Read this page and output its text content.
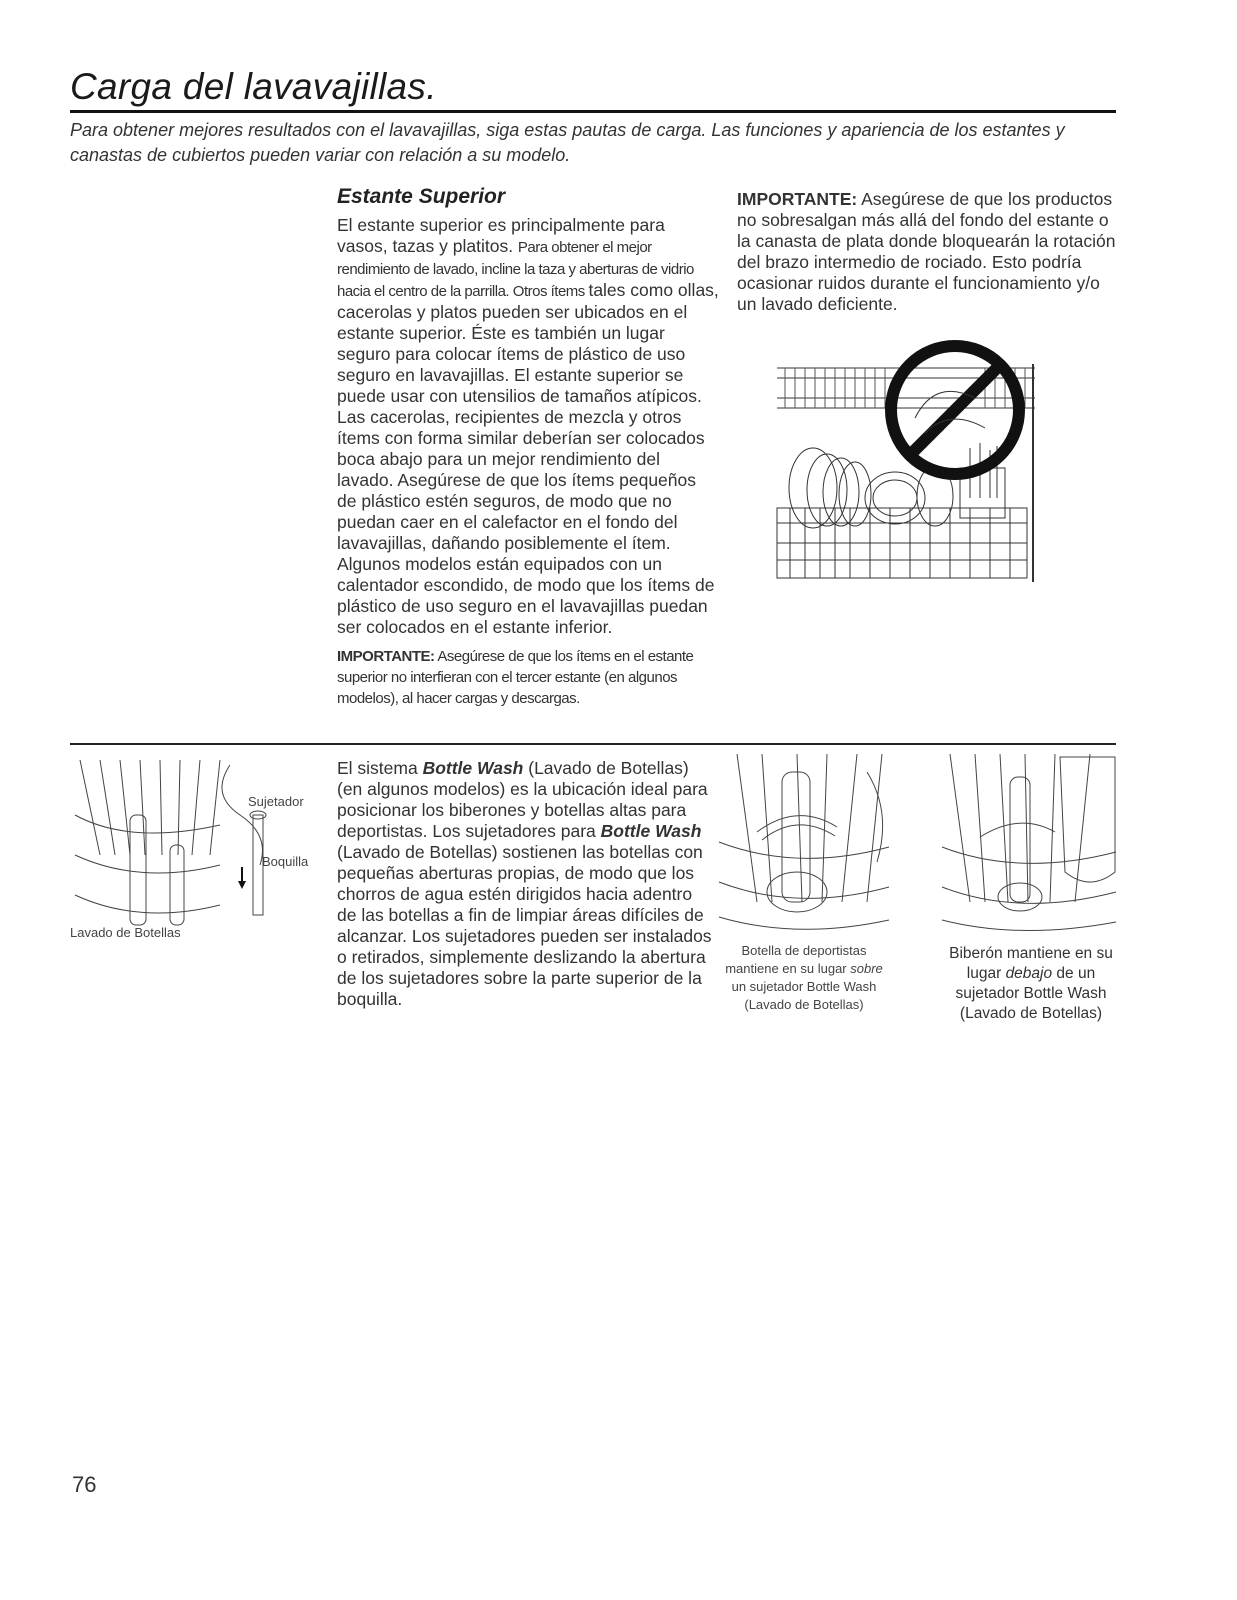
Carga del lavavajillas.
Para obtener mejores resultados con el lavavajillas, siga estas pautas de carga. Las funciones y apariencia de los estantes y canastas de cubiertos pueden variar con relación a su modelo.
Estante Superior

El estante superior es principalmente para vasos, tazas y platitos. Para obtener el mejor rendimiento de lavado, incline la taza y aberturas de vidrio hacia el centro de la parrilla. Otros ítems tales como ollas, cacerolas y platos pueden ser ubicados en el estante superior. Éste es también un lugar seguro para colocar ítems de plástico de uso seguro en lavavajillas. El estante superior se puede usar con utensilios de tamaños atípicos. Las cacerolas, recipientes de mezcla y otros ítems con forma similar deberían ser colocados boca abajo para un mejor rendimiento del lavado. Asegúrese de que los ítems pequeños de plástico estén seguros, de modo que no puedan caer en el calefactor en el fondo del lavavajillas, dañando posiblemente el ítem. Algunos modelos están equipados con un calentador escondido, de modo que los ítems de plástico de uso seguro en el lavavajillas puedan ser colocados en el estante inferior.

IMPORTANTE: Asegúrese de que los ítems en el estante superior no interfieran con el tercer estante (en algunos modelos), al hacer cargas y descargas.

IMPORTANTE: Asegúrese de que los productos no sobresalgan más allá del fondo del estante o la canasta de plata donde bloquearán la rotación del brazo intermedio de rociado. Esto podría ocasionar ruidos durante el funcionamiento y/o un lavado deficiente.

Sujetador
Boquilla
Lavado de Botellas

El sistema Bottle Wash (Lavado de Botellas) (en algunos modelos) es la ubicación ideal para posicionar los biberones y botellas altas para deportistas. Los sujetadores para Bottle Wash (Lavado de Botellas) sostienen las botellas con pequeñas aberturas propias, de modo que los chorros de agua estén dirigidos hacia adentro de las botellas a fin de limpiar áreas difíciles de alcanzar. Los sujetadores pueden ser instalados o retirados, simplemente deslizando la abertura de los sujetadores sobre la parte superior de la boquilla.

Botella de deportistas mantiene en su lugar sobre un sujetador Bottle Wash (Lavado de Botellas)
Biberón mantiene en su lugar debajo de un sujetador Bottle Wash (Lavado de Botellas)
76
